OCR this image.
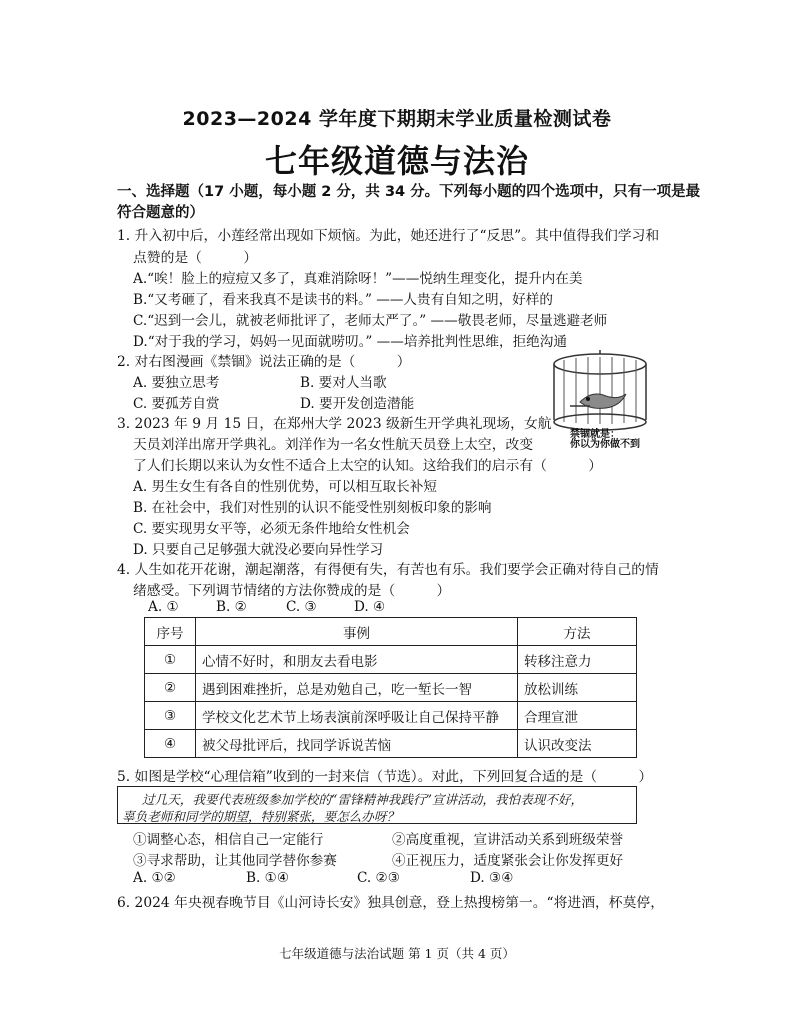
2023—2024 学年度下期期末学业质量检测试卷
七年级道德与法治
一、选择题（17 小题，每小题 2 分，共 34 分。下列每小题的四个选项中，只有一项是最
符合题意的）
1. 升入初中后，小莲经常出现如下烦恼。为此，她还进行了“反思”。其中值得我们学习和
点赞的是（　　　）
A.“唉！脸上的痘痘又多了，真难消除呀！”——悦纳生理变化，提升内在美
B.“又考砸了，看来我真不是读书的料。” ——人贵有自知之明，好样的
C.“迟到一会儿，就被老师批评了，老师太严了。” ——敬畏老师，尽量逃避老师
D.“对于我的学习，妈妈一见面就唠叨。” ——培养批判性思维，拒绝沟通
2. 对右图漫画《禁锢》说法正确的是（　　　）
A. 要独立思考	B. 要对人当歌
C. 要孤芳自赏	D. 要开发创造潜能
禁锢就是：
你以为你做不到
3. 2023 年 9 月 15 日，在郑州大学 2023 级新生开学典礼现场，女航
天员刘洋出席开学典礼。刘洋作为一名女性航天员登上太空，改变
了人们长期以来认为女性不适合上太空的认知。这给我们的启示有（　　　）
A. 男生女生有各自的性别优势，可以相互取长补短
B. 在社会中，我们对性别的认识不能受性别刻板印象的影响
C. 要实现男女平等，必须无条件地给女性机会
D. 只要自己足够强大就没必要向异性学习
4. 人生如花开花谢，潮起潮落，有得便有失，有苦也有乐。我们要学会正确对待自己的情
绪感受。下列调节情绪的方法你赞成的是（　　　）
A. ①	B. ②	C. ③	D. ④
序号	事例	方法
①	心情不好时，和朋友去看电影	转移注意力
②	遇到困难挫折，总是劝勉自己，吃一堑长一智	放松训练
③	学校文化艺术节上场表演前深呼吸让自己保持平静	合理宣泄
④	被父母批评后，找同学诉说苦恼	认识改变法
5. 如图是学校“心理信箱”收到的一封来信（节选）。对此，下列回复合适的是（　　　）
过几天，我要代表班级参加学校的“雷锋精神我践行”宣讲活动，我怕表现不好，
辜负老师和同学的期望，特别紧张，要怎么办呀？
①调整心态，相信自己一定能行	②高度重视，宣讲活动关系到班级荣誉
③寻求帮助，让其他同学替你参赛	④正视压力，适度紧张会让你发挥更好
A. ①②	B. ①④	C. ②③	D. ③④
6. 2024 年央视春晚节目《山河诗长安》独具创意，登上热搜榜第一。“将进酒，杯莫停，
七年级道德与法治试题 第 1 页（共 4 页）
